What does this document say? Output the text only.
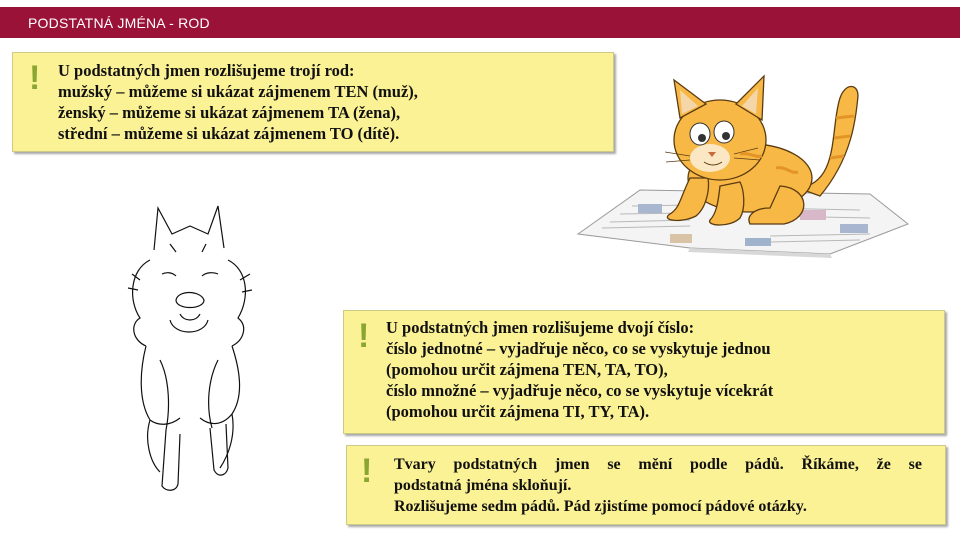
PODSTATNÁ JMÉNA - ROD
! U podstatných jmen rozlišujeme trojí rod:
mužský – můžeme si ukázat zájmenem TEN (muž),
ženský – můžeme si ukázat zájmenem TA (žena),
střední – můžeme si ukázat zájmenem TO (dítě).
! U podstatných jmen rozlišujeme dvojí číslo:
číslo jednotné – vyjadřuje něco, co se vyskytuje jednou
(pomohou určit zájmena TEN, TA, TO),
číslo množné – vyjadřuje něco, co se vyskytuje vícekrát
(pomohou určit zájmena TI, TY, TA).
! Tvary podstatných jmen se mění podle pádů. Říkáme, že se
podstatná jména skloňují.
Rozlišujeme sedm pádů. Pád zjistíme pomocí pádové otázky.
